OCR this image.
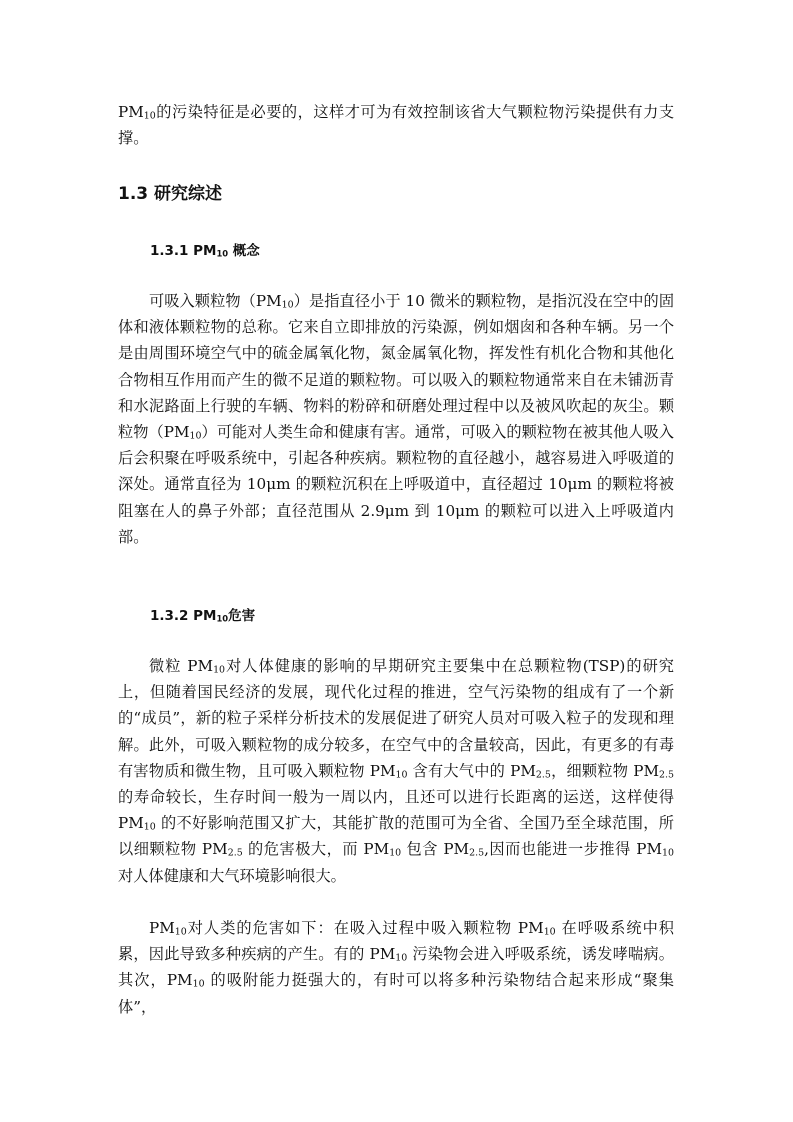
$PM_{10}$的污染特征是必要的，这样才可为有效控制该省大气颗粒物污染提供有力支撑。

1.3 研究综述
1.3.1 $PM_{10}$ 概念

可吸入颗粒物$(PM_{10})$是指直径小于 10 微米的颗粒物，是指沉没在空中的固体和液体颗粒物的总称。它来自立即排放的污染源，例如烟囱和各种车辆。另一个是由周围环境空气中的硫金属氧化物，氮金属氧化物，挥发性有机化合物和其他化合物相互作用而产生的微不足道的颗粒物。可以吸入的颗粒物通常来自在未铺沥青和水泥路面上行驶的车辆、物料的粉碎和研磨处理过程中以及被风吹起的灰尘。颗粒物$(PM_{10})$可能对人类生命和健康有害。通常，可吸入的颗粒物在被其他人吸入后会积聚在呼吸系统中，引起各种疾病。颗粒物的直径越小，越容易进入呼吸道的深处。通常直径为 10μm 的颗粒沉积在上呼吸道中，直径超过 10μm 的颗粒将被阻塞在人的鼻子外部；直径范围从 2.9μm 到 10μm 的颗粒可以进入上呼吸道内部。

1.3.2 $PM_{10}$危害

微粒 $PM_{10}$对人体健康的影响的早期研究主要集中在总颗粒物(TSP)的研究上，但随着国民经济的发展，现代化过程的推进，空气污染物的组成有了一个新的“成员”，新的粒子采样分析技术的发展促进了研究人员对可吸入粒子的发现和理解。此外，可吸入颗粒物的成分较多，在空气中的含量较高，因此，有更多的有毒有害物质和微生物，且可吸入颗粒物 $PM_{10}$ 含有大气中的 $PM_{2.5}$，细颗粒物 $PM_{2.5}$ 的寿命较长，生存时间一般为一周以内，且还可以进行长距离的运送，这样使得 $PM_{10}$ 的不好影响范围又扩大，其能扩散的范围可为全省、全国乃至全球范围，所以细颗粒物 $PM_{2.5}$ 的危害极大，而 $PM_{10}$ 包含 $PM_{2.5}$,因而也能进一步推得 $PM_{10}$ 对人体健康和大气环境影响很大。

$PM_{10}$对人类的危害如下：在吸入过程中吸入颗粒物 $PM_{10}$ 在呼吸系统中积累，因此导致多种疾病的产生。有的 $PM_{10}$ 污染物会进入呼吸系统，诱发哮喘病。其次，$PM_{10}$ 的吸附能力挺强大的，有时可以将多种污染物结合起来形成“聚集体”，
